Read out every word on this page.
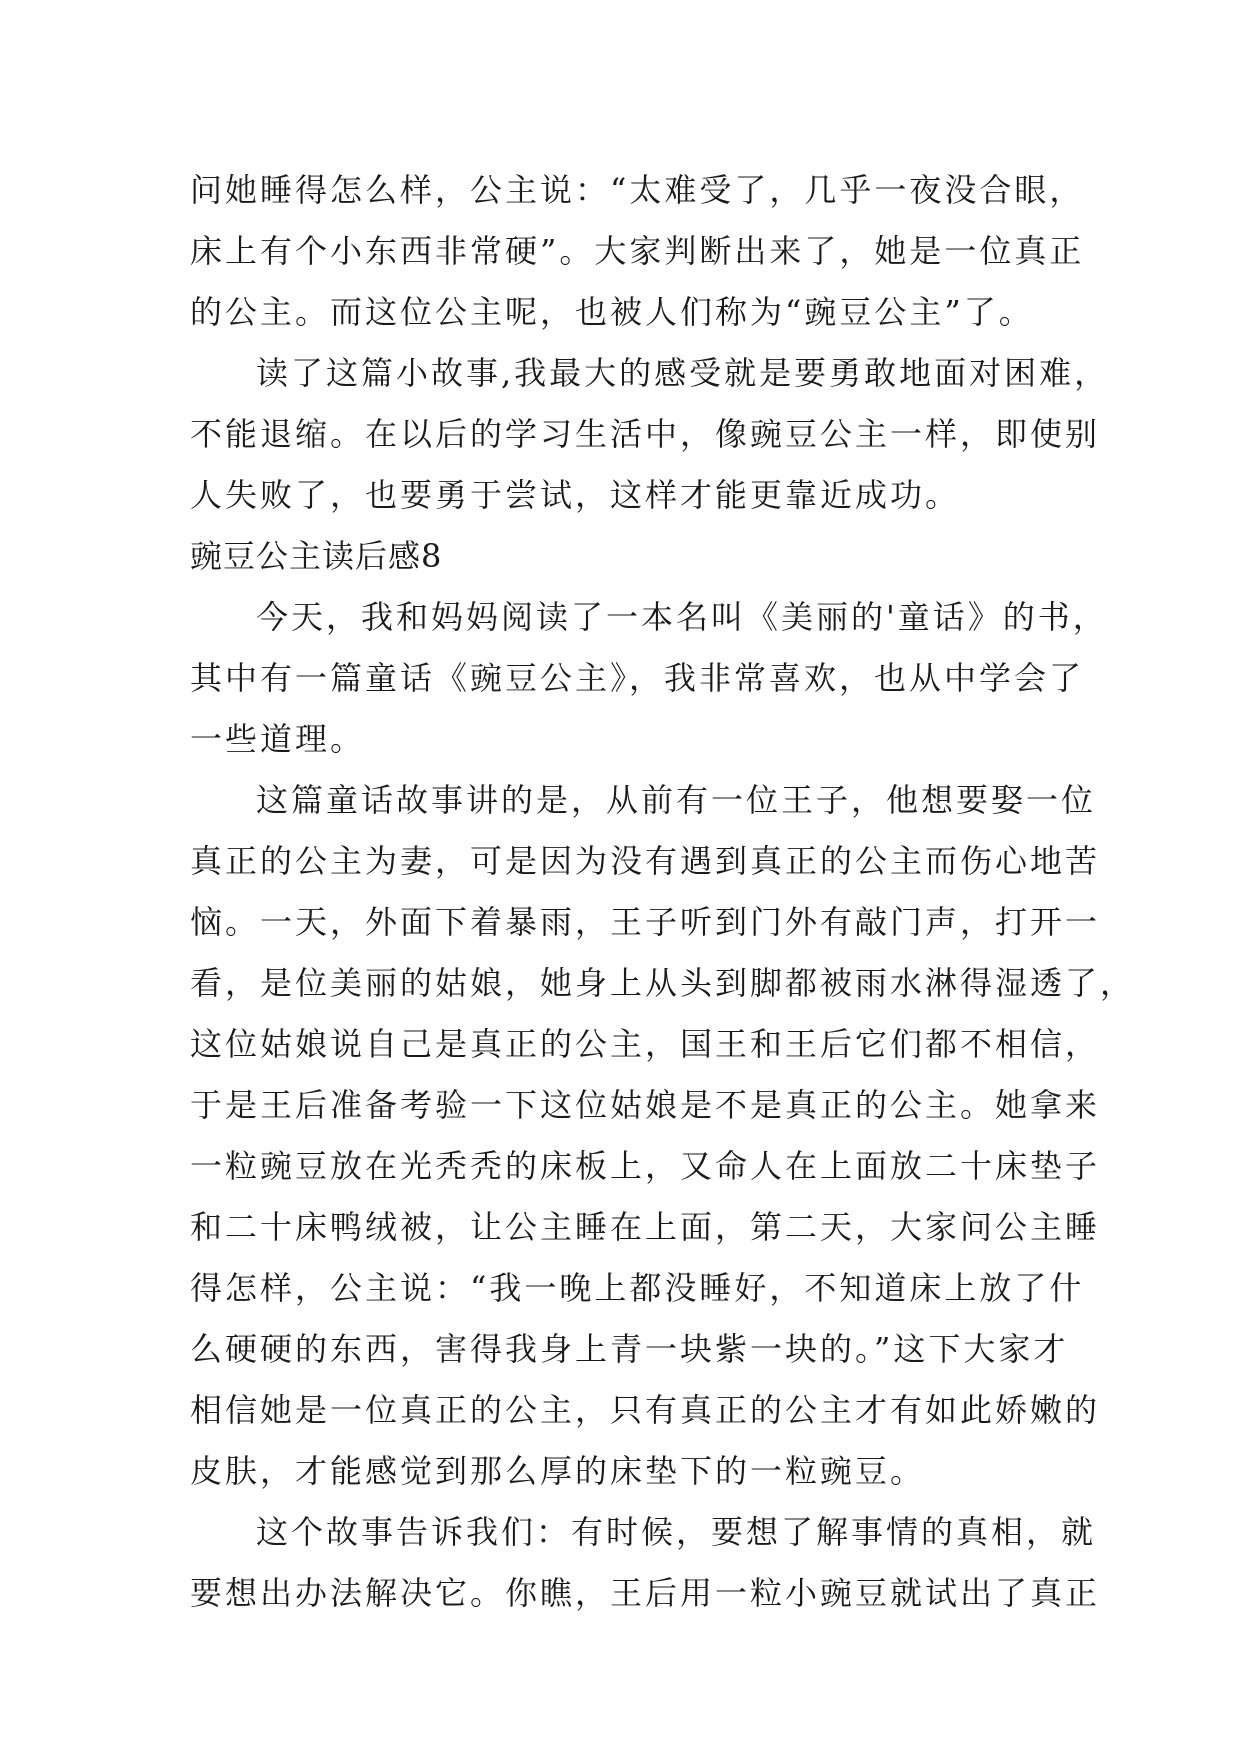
问她睡得怎么样，公主说：“太难受了，几乎一夜没合眼，
床上有个小东西非常硬”。大家判断出来了，她是一位真正
的公主。而这位公主呢，也被人们称为“豌豆公主”了。
读了这篇小故事,我最大的感受就是要勇敢地面对困难，
不能退缩。在以后的学习生活中，像豌豆公主一样，即使别
人失败了，也要勇于尝试，这样才能更靠近成功。
豌豆公主读后感8
今天，我和妈妈阅读了一本名叫《美丽的'童话》的书，
其中有一篇童话《豌豆公主》，我非常喜欢，也从中学会了
一些道理。
这篇童话故事讲的是，从前有一位王子，他想要娶一位
真正的公主为妻，可是因为没有遇到真正的公主而伤心地苦
恼。一天，外面下着暴雨，王子听到门外有敲门声，打开一
看，是位美丽的姑娘，她身上从头到脚都被雨水淋得湿透了，
这位姑娘说自己是真正的公主，国王和王后它们都不相信，
于是王后准备考验一下这位姑娘是不是真正的公主。她拿来
一粒豌豆放在光秃秃的床板上，又命人在上面放二十床垫子
和二十床鸭绒被，让公主睡在上面，第二天，大家问公主睡
得怎样，公主说：“我一晚上都没睡好，不知道床上放了什
么硬硬的东西，害得我身上青一块紫一块的。”这下大家才
相信她是一位真正的公主，只有真正的公主才有如此娇嫩的
皮肤，才能感觉到那么厚的床垫下的一粒豌豆。
这个故事告诉我们：有时候，要想了解事情的真相，就
要想出办法解决它。你瞧，王后用一粒小豌豆就试出了真正
